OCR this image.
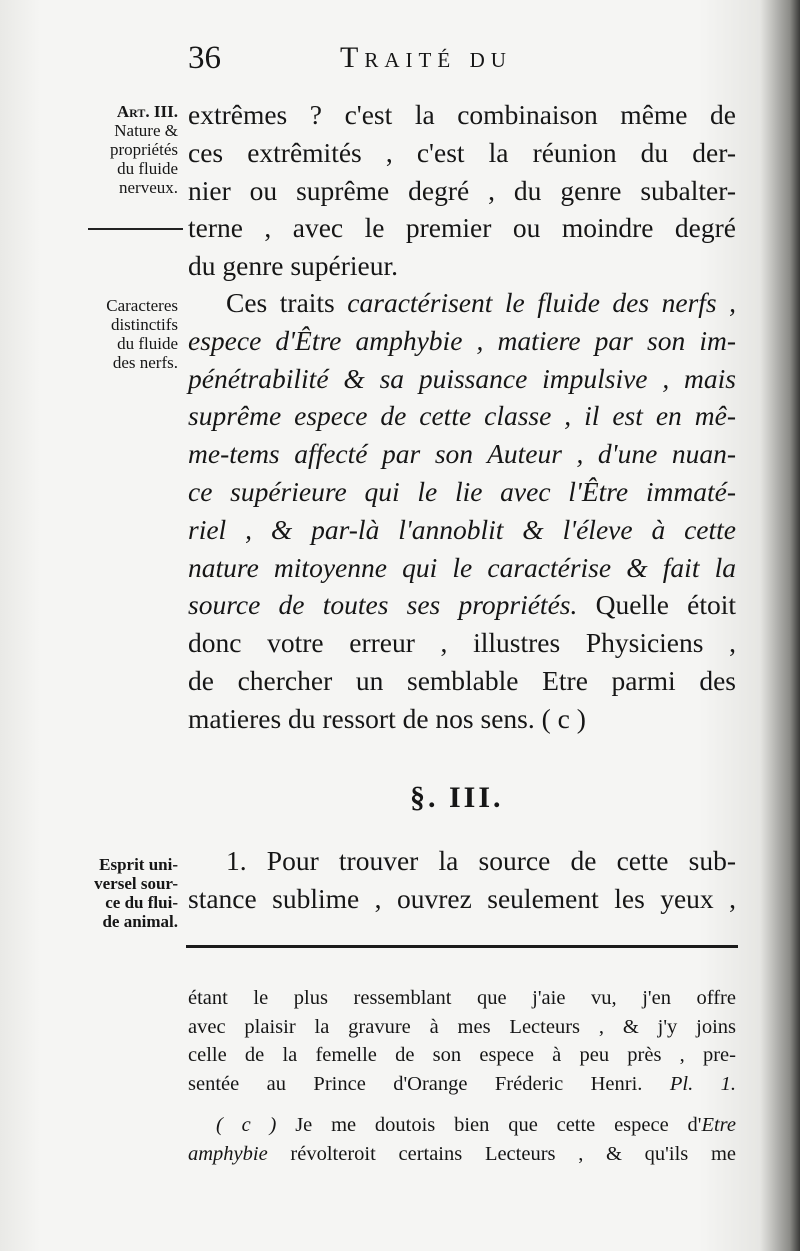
36	Traité du
Art. III.
Nature &
propriétés
du fluide
nerveux.
Caracteres
distinctifs
du fluide
des nerfs.
Esprit uni-
versel sour-
ce du flui-
de animal.
extrêmes ? c'est la combinaison même de
ces extrêmités , c'est la réunion du der-
nier ou suprême degré , du genre subalter-
terne , avec le premier ou moindre degré
du genre supérieur.
Ces traits caractérisent le fluide des nerfs ,
espece d'Être amphybie , matiere par son im-
pénétrabilité & sa puissance impulsive , mais
suprême espece de cette classe , il est en mê-
me-tems affecté par son Auteur , d'une nuan-
ce supérieure qui le lie avec l'Être immaté-
riel , & par-là l'annoblit & l'éleve à cette
nature mitoyenne qui le caractérise & fait la
source de toutes ses propriétés. Quelle étoit
donc votre erreur , illustres Physiciens ,
de chercher un semblable Etre parmi des
matieres du ressort de nos sens. ( c )
§. III.
1. Pour trouver la source de cette sub-
stance sublime , ouvrez seulement les yeux ,
étant le plus ressemblant que j'aie vu, j'en offre
avec plaisir la gravure à mes Lecteurs , & j'y joins
celle de la femelle de son espece à peu près , pre-
sentée au Prince d'Orange Fréderic Henri. Pl. 1.
( c ) Je me doutois bien que cette espece d'Etre
amphybie révolteroit certains Lecteurs , & qu'ils me
